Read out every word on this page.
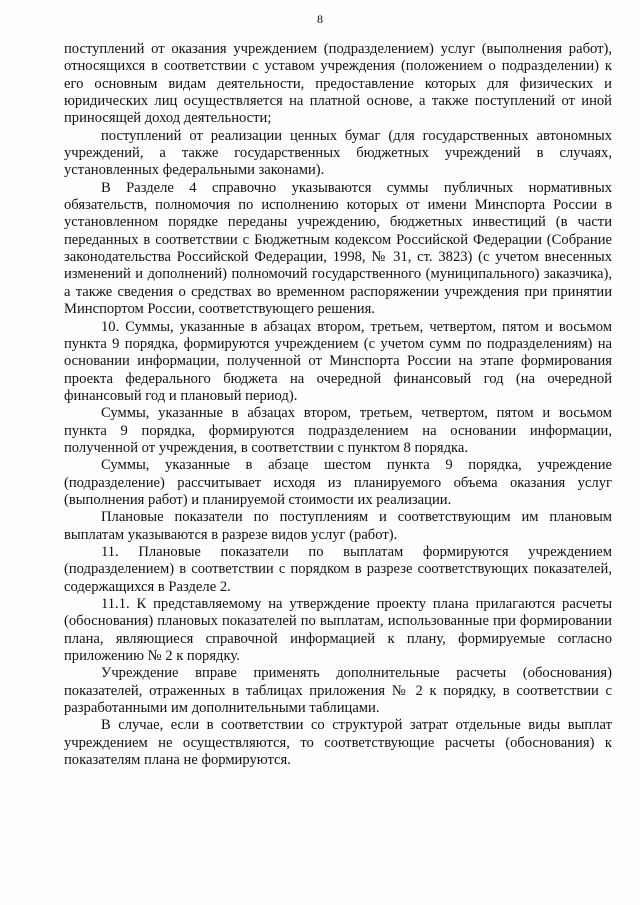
8

поступлений от оказания учреждением (подразделением) услуг (выполнения работ), относящихся в соответствии с уставом учреждения (положением о подразделении) к его основным видам деятельности, предоставление которых для физических и юридических лиц осуществляется на платной основе, а также поступлений от иной приносящей доход деятельности;

поступлений от реализации ценных бумаг (для государственных автономных учреждений, а также государственных бюджетных учреждений в случаях, установленных федеральными законами).

В Разделе 4 справочно указываются суммы публичных нормативных обязательств, полномочия по исполнению которых от имени Минспорта России в установленном порядке переданы учреждению, бюджетных инвестиций (в части переданных в соответствии с Бюджетным кодексом Российской Федерации (Собрание законодательства Российской Федерации, 1998, № 31, ст. 3823) (с учетом внесенных изменений и дополнений) полномочий государственного (муниципального) заказчика), а также сведения о средствах во временном распоряжении учреждения при принятии Минспортом России, соответствующего решения.

10. Суммы, указанные в абзацах втором, третьем, четвертом, пятом и восьмом пункта 9 порядка, формируются учреждением (с учетом сумм по подразделениям) на основании информации, полученной от Минспорта России на этапе формирования проекта федерального бюджета на очередной финансовый год (на очередной финансовый год и плановый период).

Суммы, указанные в абзацах втором, третьем, четвертом, пятом и восьмом пункта 9 порядка, формируются подразделением на основании информации, полученной от учреждения, в соответствии с пунктом 8 порядка.

Суммы, указанные в абзаце шестом пункта 9 порядка, учреждение (подразделение) рассчитывает исходя из планируемого объема оказания услуг (выполнения работ) и планируемой стоимости их реализации.

Плановые показатели по поступлениям и соответствующим им плановым выплатам указываются в разрезе видов услуг (работ).

11. Плановые показатели по выплатам формируются учреждением (подразделением) в соответствии с порядком в разрезе соответствующих показателей, содержащихся в Разделе 2.

11.1. К представляемому на утверждение проекту плана прилагаются расчеты (обоснования) плановых показателей по выплатам, использованные при формировании плана, являющиеся справочной информацией к плану, формируемые согласно приложению № 2 к порядку.

Учреждение вправе применять дополнительные расчеты (обоснования) показателей, отраженных в таблицах приложения № 2 к порядку, в соответствии с разработанными им дополнительными таблицами.

В случае, если в соответствии со структурой затрат отдельные виды выплат учреждением не осуществляются, то соответствующие расчеты (обоснования) к показателям плана не формируются.
